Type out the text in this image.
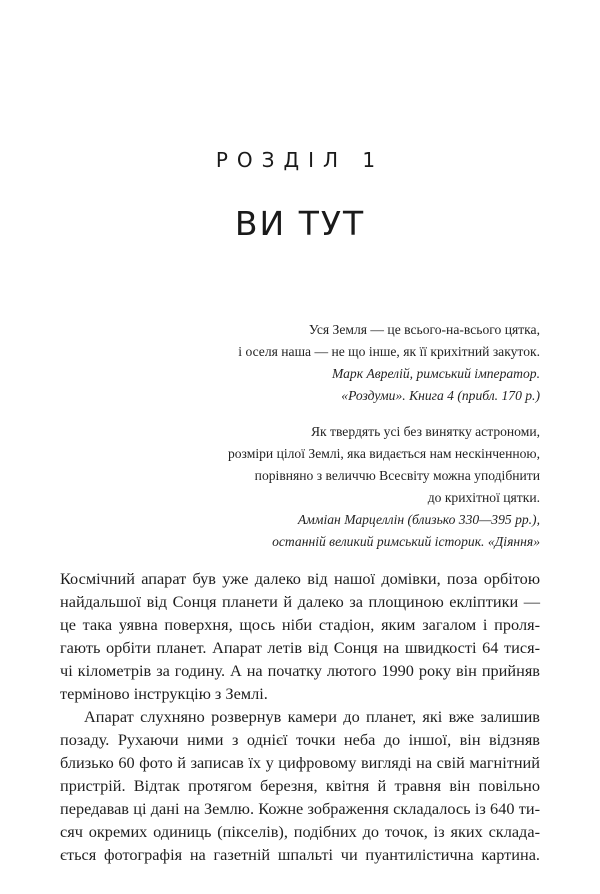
РОЗДІЛ 1
ВИ ТУТ
Уся Земля — це всього-на-всього цятка,
і оселя наша — не що інше, як її крихітний закуток.
Марк Аврелій, римський імператор.
«Роздуми». Книга 4 (прибл. 170 р.)
Як твердять усі без винятку астрономи,
розміри цілої Землі, яка видається нам нескінченною,
порівняно з величчю Всесвіту можна уподібнити
до крихітної цятки.
Амміан Марцеллін (близько 330—395 рр.),
останній великий римський історик. «Діяння»
Космічний апарат був уже далеко від нашої домівки, поза орбітою
найдальшої від Сонця планети й далеко за площиною екліптики —
це така уявна поверхня, щось ніби стадіон, яким загалом і проля-
гають орбіти планет. Апарат летів від Сонця на швидкості 64 тися-
чі кілометрів за годину. А на початку лютого 1990 року він прийняв
терміново інструкцію з Землі.
Апарат слухняно розвернув камери до планет, які вже залишив
позаду. Рухаючи ними з однієї точки неба до іншої, він відзняв
близько 60 фото й записав їх у цифровому вигляді на свій магнітний
пристрій. Відтак протягом березня, квітня й травня він повільно
передавав ці дані на Землю. Кожне зображення складалось із 640 ти-
сяч окремих одиниць (пікселів), подібних до точок, із яких склада-
ється фотографія на газетній шпальті чи пуантилістична картина.
